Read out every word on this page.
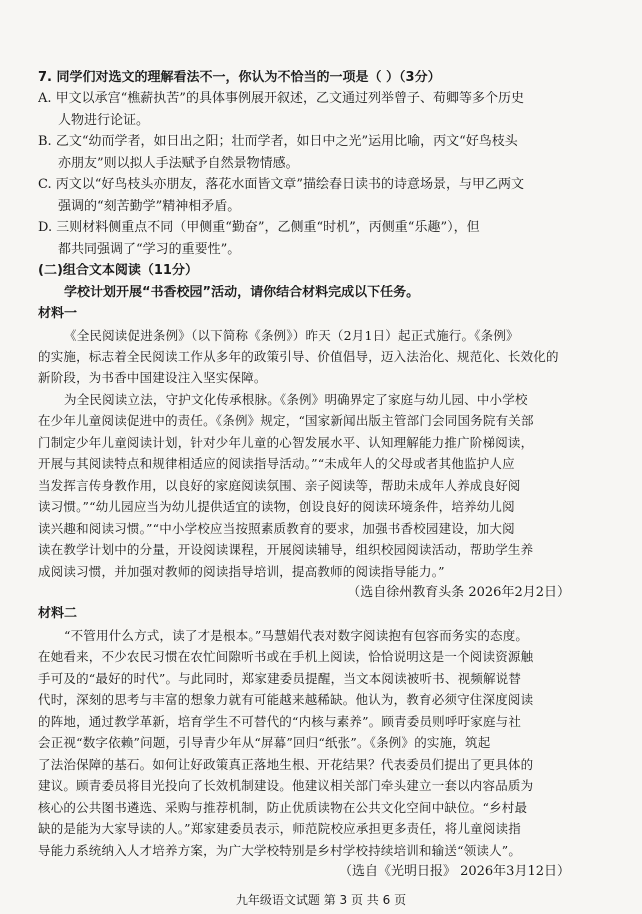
7. 同学们对选文的理解看法不一，你认为不恰当的一项是（ ）（3分）
A. 甲文以承宫“樵薪执苦”的具体事例展开叙述，乙文通过列举曾子、荀卿等多个历史
人物进行论证。
B. 乙文“幼而学者，如日出之阳；壮而学者，如日中之光”运用比喻，丙文“好鸟枝头
亦朋友”则以拟人手法赋予自然景物情感。
C. 丙文以“好鸟枝头亦朋友，落花水面皆文章”描绘春日读书的诗意场景，与甲乙两文
强调的“刻苦勤学”精神相矛盾。
D. 三则材料侧重点不同（甲侧重“勤奋”，乙侧重“时机”，丙侧重“乐趣”），但
都共同强调了“学习的重要性”。
(二)组合文本阅读（11分）
学校计划开展“书香校园”活动，请你结合材料完成以下任务。
材料一
《全民阅读促进条例》（以下简称《条例》）昨天（2月1日）起正式施行。《条例》
的实施，标志着全民阅读工作从多年的政策引导、价值倡导，迈入法治化、规范化、长效化的
新阶段，为书香中国建设注入坚实保障。
为全民阅读立法，守护文化传承根脉。《条例》明确界定了家庭与幼儿园、中小学校
在少年儿童阅读促进中的责任。《条例》规定，“国家新闻出版主管部门会同国务院有关部
门制定少年儿童阅读计划，针对少年儿童的心智发展水平、认知理解能力推广阶梯阅读，
开展与其阅读特点和规律相适应的阅读指导活动。”“未成年人的父母或者其他监护人应
当发挥言传身教作用，以良好的家庭阅读氛围、亲子阅读等，帮助未成年人养成良好阅
读习惯。”“幼儿园应当为幼儿提供适宜的读物，创设良好的阅读环境条件，培养幼儿阅
读兴趣和阅读习惯。”“中小学校应当按照素质教育的要求，加强书香校园建设，加大阅
读在教学计划中的分量，开设阅读课程，开展阅读辅导，组织校园阅读活动，帮助学生养
成阅读习惯，并加强对教师的阅读指导培训，提高教师的阅读指导能力。”
（选自徐州教育头条 2026年2月2日）
材料二
“不管用什么方式，读了才是根本。”马慧娟代表对数字阅读抱有包容而务实的态度。
在她看来，不少农民习惯在农忙间隙听书或在手机上阅读，恰恰说明这是一个阅读资源触
手可及的“最好的时代”。与此同时，郑家建委员提醒，当文本阅读被听书、视频解说替
代时，深刻的思考与丰富的想象力就有可能越来越稀缺。他认为，教育必须守住深度阅读
的阵地，通过教学革新，培育学生不可替代的“内核与素养”。顾青委员则呼吁家庭与社
会正视“数字依赖”问题，引导青少年从“屏幕”回归“纸张”。《条例》的实施，筑起
了法治保障的基石。如何让好政策真正落地生根、开花结果？代表委员们提出了更具体的
建议。顾青委员将目光投向了长效机制建设。他建议相关部门牵头建立一套以内容品质为
核心的公共图书遴选、采购与推荐机制，防止优质读物在公共文化空间中缺位。“乡村最
缺的是能为大家导读的人。”郑家建委员表示，师范院校应承担更多责任，将儿童阅读指
导能力系统纳入人才培养方案，为广大学校特别是乡村学校持续培训和输送“领读人”。
（选自《光明日报》 2026年3月12日）
九年级语文试题 第 3 页 共 6 页
